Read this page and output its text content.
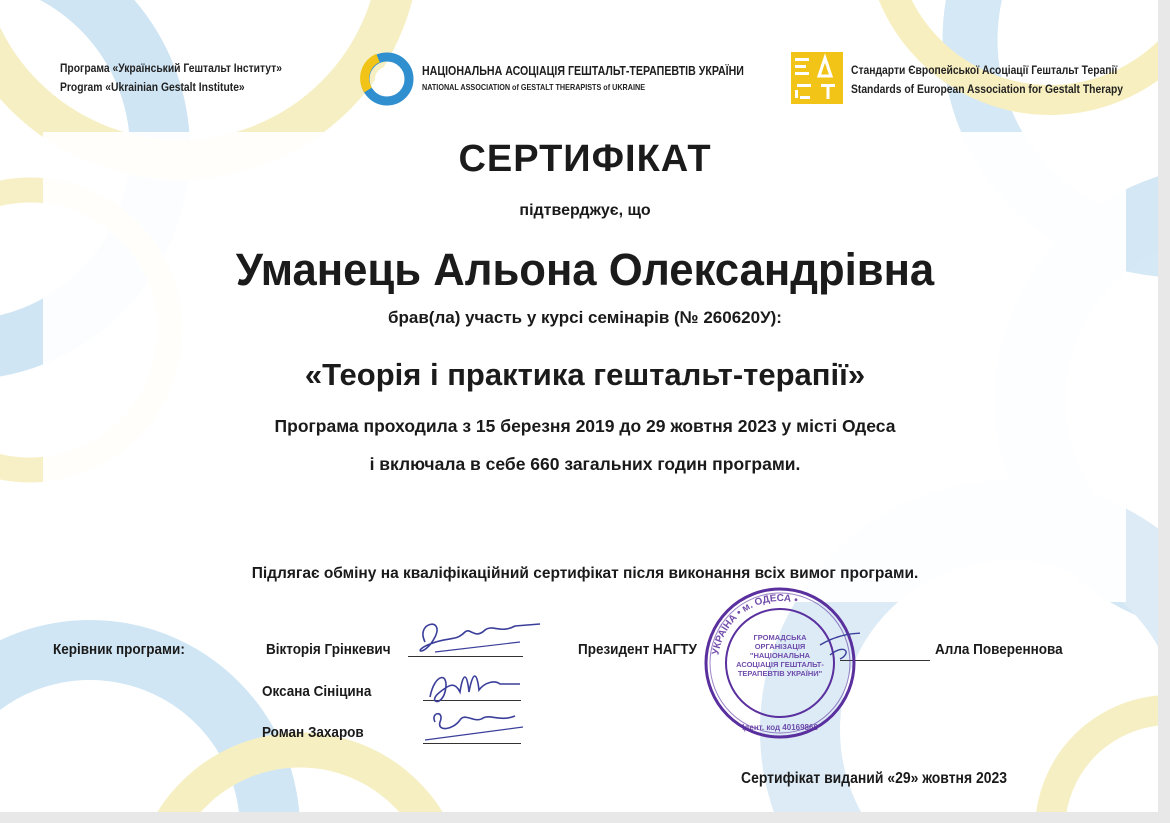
Програма «Український Гештальт Інститут»
Program «Ukrainian Gestalt Institute»
НАЦІОНАЛЬНА АСОЦІАЦІЯ ГЕШТАЛЬТ-ТЕРАПЕВТІВ УКРАЇНИ
NATIONAL ASSOCIATION of GESTALT THERAPISTS of UKRAINE
Стандарти Європейської Асоціації Гештальт Терапії
Standards of European Association for Gestalt Therapy
СЕРТИФІКАТ
підтверджує, що
Уманець Альона Олександрівна
брав(ла) участь у курсі семінарів (№ 260620У):
«Теорія і практика гештальт-терапії»
Програма проходила з 15 березня 2019 до 29 жовтня 2023 у місті Одеса
і включала в себе 660 загальних годин програми.
Підлягає обміну на кваліфікаційний сертифікат після виконання всіх вимог програми.
Керівник програми:	Вікторія Грінкевич
Оксана Сініцина
Роман Захаров
Президент НАГТУ	Алла Повереннова
УКРАЇНА • м. ОДЕСА •
Ідент. код 40169866
ГРОМАДСЬКА ОРГАНІЗАЦІЯ "НАЦІОНАЛЬНА АСОЦІАЦІЯ ГЕШТАЛЬТ-ТЕРАПЕВТІВ УКРАЇНИ"
Сертифікат виданий «29» жовтня 2023
